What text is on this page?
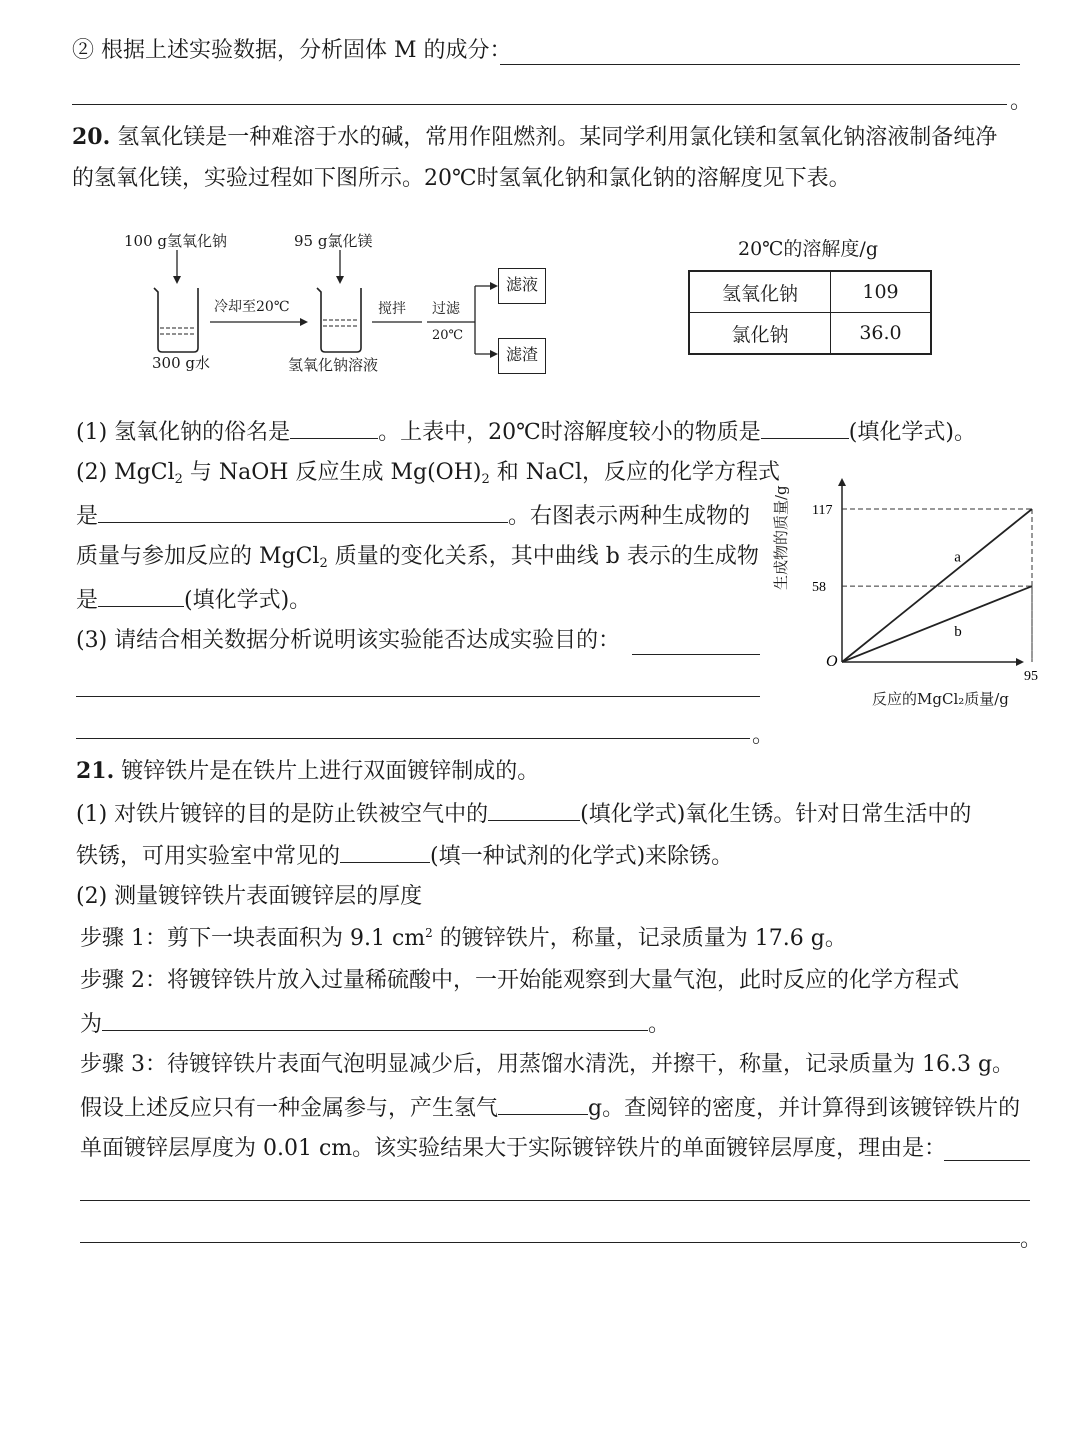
② 根据上述实验数据，分析固体 M 的成分：
。
20. 氢氧化镁是一种难溶于水的碱，常用作阻燃剂。某同学利用氯化镁和氢氧化钠溶液制备纯净
的氢氧化镁，实验过程如下图所示。20℃时氢氧化钠和氯化钠的溶解度见下表。
100 g氢氧化钠	95 g氯化镁
300 g水
冷却至20℃
氢氧化钠溶液
搅拌 过滤
20℃
滤液
滤渣
20℃的溶解度/g
氢氧化钠	109
氯化钠	36.0
(1) 氢氧化钠的俗名是	。上表中，20℃时溶解度较小的物质是	(填化学式)。
(2) MgCl$_2$ 与 NaOH 反应生成 $Mg(OH)_2$ 和 NaCl，反应的化学方程式
是	。右图表示两种生成物的
质量与参加反应的 MgCl$_2$ 质量的变化关系，其中曲线 b 表示的生成物
是	(填化学式)。
(3) 请结合相关数据分析说明该实验能否达成实验目的：
。
O
a
b
117
58
95
反应的MgCl₂质量/g
生成物的质量/g
21. 镀锌铁片是在铁片上进行双面镀锌制成的。
(1) 对铁片镀锌的目的是防止铁被空气中的	(填化学式)氧化生锈。针对日常生活中的
铁锈，可用实验室中常见的	(填一种试剂的化学式)来除锈。
(2) 测量镀锌铁片表面镀锌层的厚度
步骤 1：剪下一块表面积为 9.1 $cm^2$ 的镀锌铁片，称量，记录质量为 17.6 g。
步骤 2：将镀锌铁片放入过量稀硫酸中，一开始能观察到大量气泡，此时反应的化学方程式
为	。
步骤 3：待镀锌铁片表面气泡明显减少后，用蒸馏水清洗，并擦干，称量，记录质量为 16.3 g。
假设上述反应只有一种金属参与，产生氢气	g。查阅锌的密度，并计算得到该镀锌铁片的
单面镀锌层厚度为 0.01 cm。该实验结果大于实际镀锌铁片的单面镀锌层厚度，理由是：
。
